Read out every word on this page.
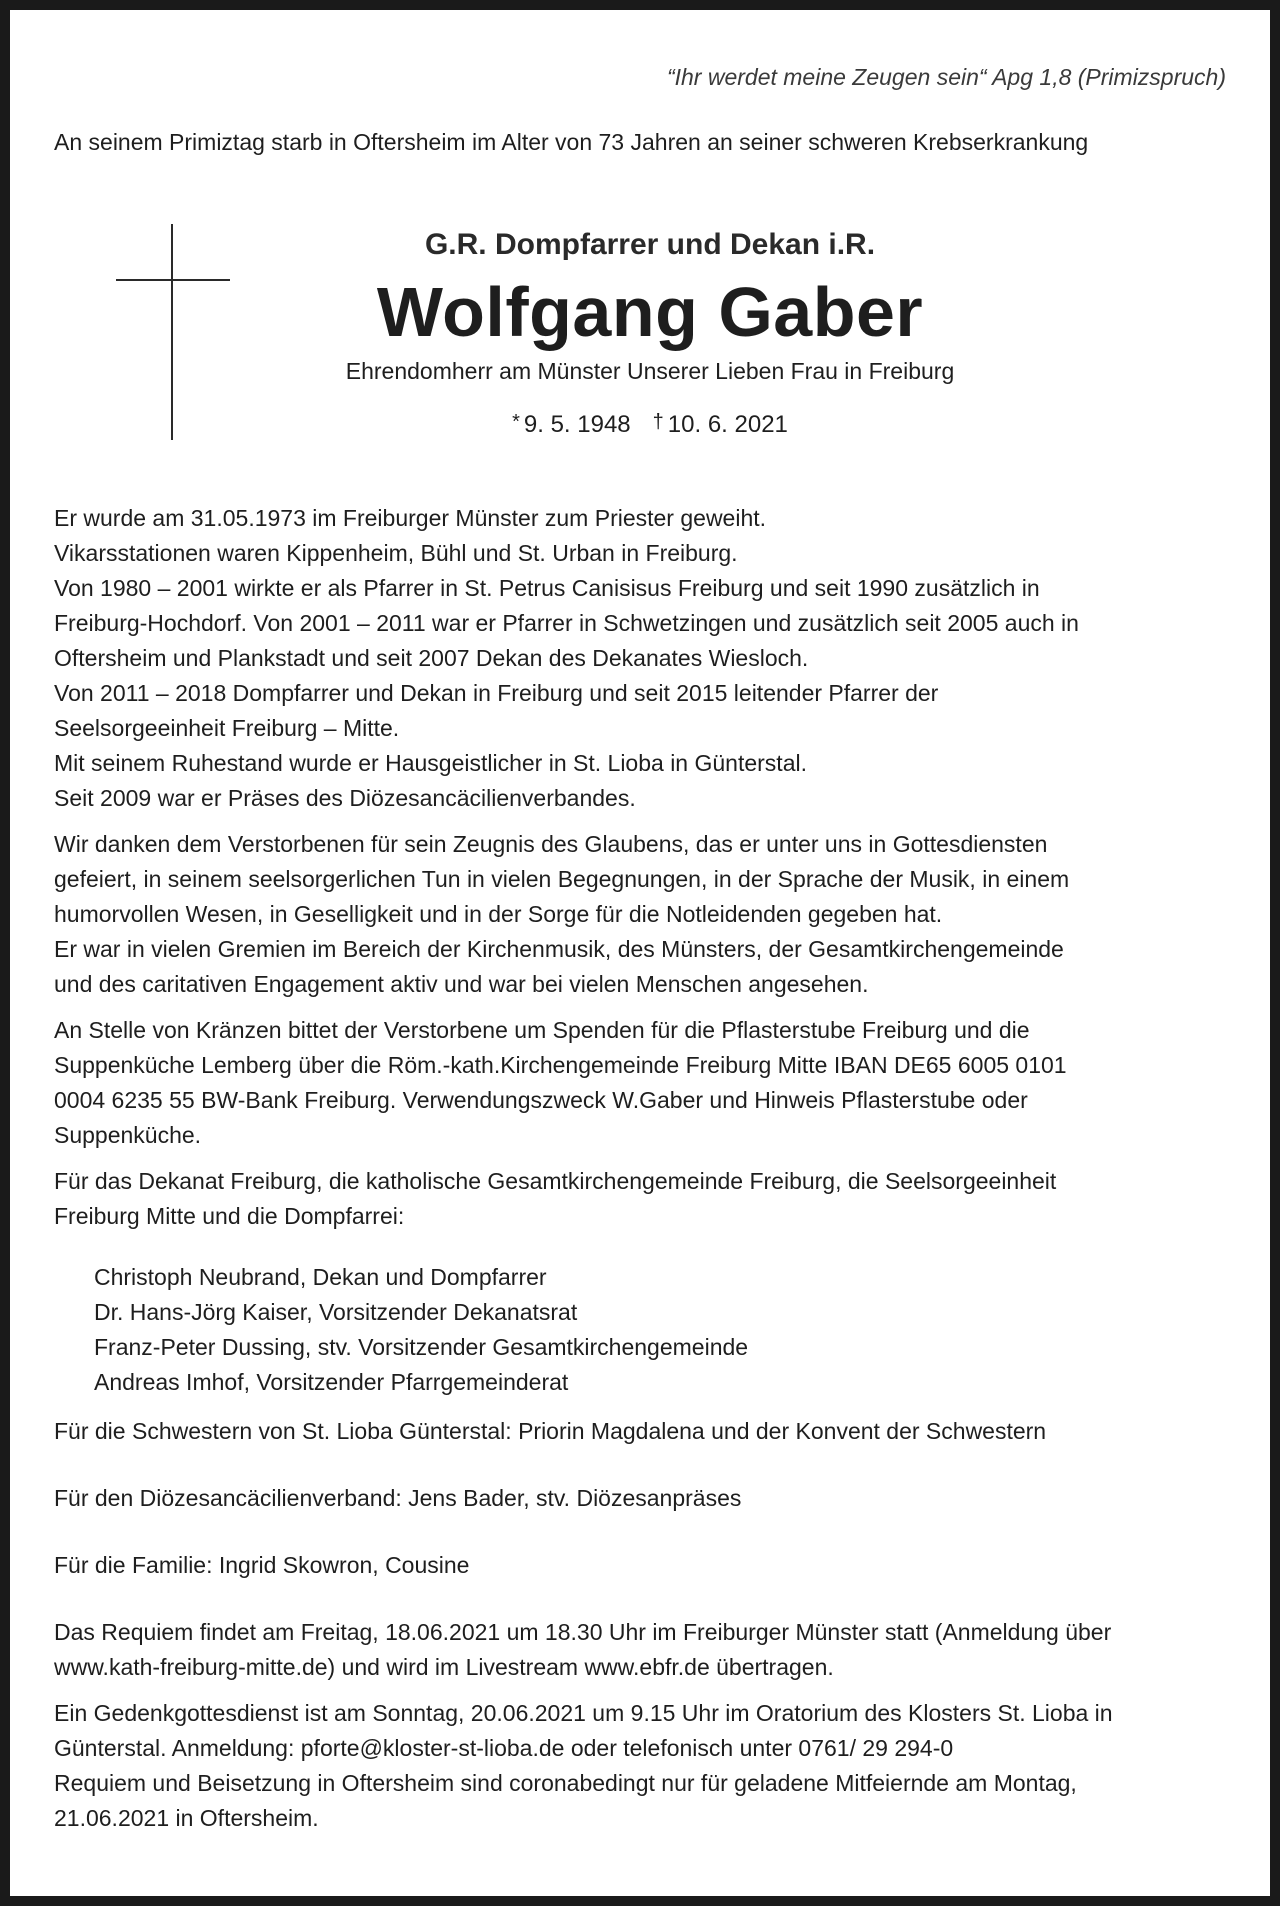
“Ihr werdet meine Zeugen sein“ Apg 1,8 (Primizspruch)
An seinem Primiztag starb in Oftersheim im Alter von 73 Jahren an seiner schweren Krebserkrankung
G.R. Dompfarrer und Dekan i.R.
Wolfgang Gaber
Ehrendomherr am Münster Unserer Lieben Frau in Freiburg
* 9. 5. 1948 † 10. 6. 2021

Er wurde am 31.05.1973 im Freiburger Münster zum Priester geweiht.
Vikarsstationen waren Kippenheim, Bühl und St. Urban in Freiburg.
Von 1980 – 2001 wirkte er als Pfarrer in St. Petrus Canisisus Freiburg und seit 1990 zusätzlich in
Freiburg-Hochdorf. Von 2001 – 2011 war er Pfarrer in Schwetzingen und zusätzlich seit 2005 auch in
Oftersheim und Plankstadt und seit 2007 Dekan des Dekanates Wiesloch.
Von 2011 – 2018 Dompfarrer und Dekan in Freiburg und seit 2015 leitender Pfarrer der
Seelsorgeeinheit Freiburg – Mitte.
Mit seinem Ruhestand wurde er Hausgeistlicher in St. Lioba in Günterstal.
Seit 2009 war er Präses des Diözesancäcilienverbandes.

Wir danken dem Verstorbenen für sein Zeugnis des Glaubens, das er unter uns in Gottesdiensten
gefeiert, in seinem seelsorgerlichen Tun in vielen Begegnungen, in der Sprache der Musik, in einem
humorvollen Wesen, in Geselligkeit und in der Sorge für die Notleidenden gegeben hat.
Er war in vielen Gremien im Bereich der Kirchenmusik, des Münsters, der Gesamtkirchengemeinde
und des caritativen Engagement aktiv und war bei vielen Menschen angesehen.

An Stelle von Kränzen bittet der Verstorbene um Spenden für die Pflasterstube Freiburg und die
Suppenküche Lemberg über die Röm.-kath.Kirchengemeinde Freiburg Mitte IBAN DE65 6005 0101
0004 6235 55 BW-Bank Freiburg. Verwendungszweck W.Gaber und Hinweis Pflasterstube oder
Suppenküche.

Für das Dekanat Freiburg, die katholische Gesamtkirchengemeinde Freiburg, die Seelsorgeeinheit
Freiburg Mitte und die Dompfarrei:

Christoph Neubrand, Dekan und Dompfarrer
Dr. Hans-Jörg Kaiser, Vorsitzender Dekanatsrat
Franz-Peter Dussing, stv. Vorsitzender Gesamtkirchengemeinde
Andreas Imhof, Vorsitzender Pfarrgemeinderat
Für die Schwestern von St. Lioba Günterstal: Priorin Magdalena und der Konvent der Schwestern
Für den Diözesancäcilienverband: Jens Bader, stv. Diözesanpräses
Für die Familie: Ingrid Skowron, Cousine

Das Requiem findet am Freitag, 18.06.2021 um 18.30 Uhr im Freiburger Münster statt (Anmeldung über
www.kath-freiburg-mitte.de) und wird im Livestream www.ebfr.de übertragen.

Ein Gedenkgottesdienst ist am Sonntag, 20.06.2021 um 9.15 Uhr im Oratorium des Klosters St. Lioba in
Günterstal. Anmeldung: pforte@kloster-st-lioba.de oder telefonisch unter 0761/ 29 294-0
Requiem und Beisetzung in Oftersheim sind coronabedingt nur für geladene Mitfeiernde am Montag,
21.06.2021 in Oftersheim.
